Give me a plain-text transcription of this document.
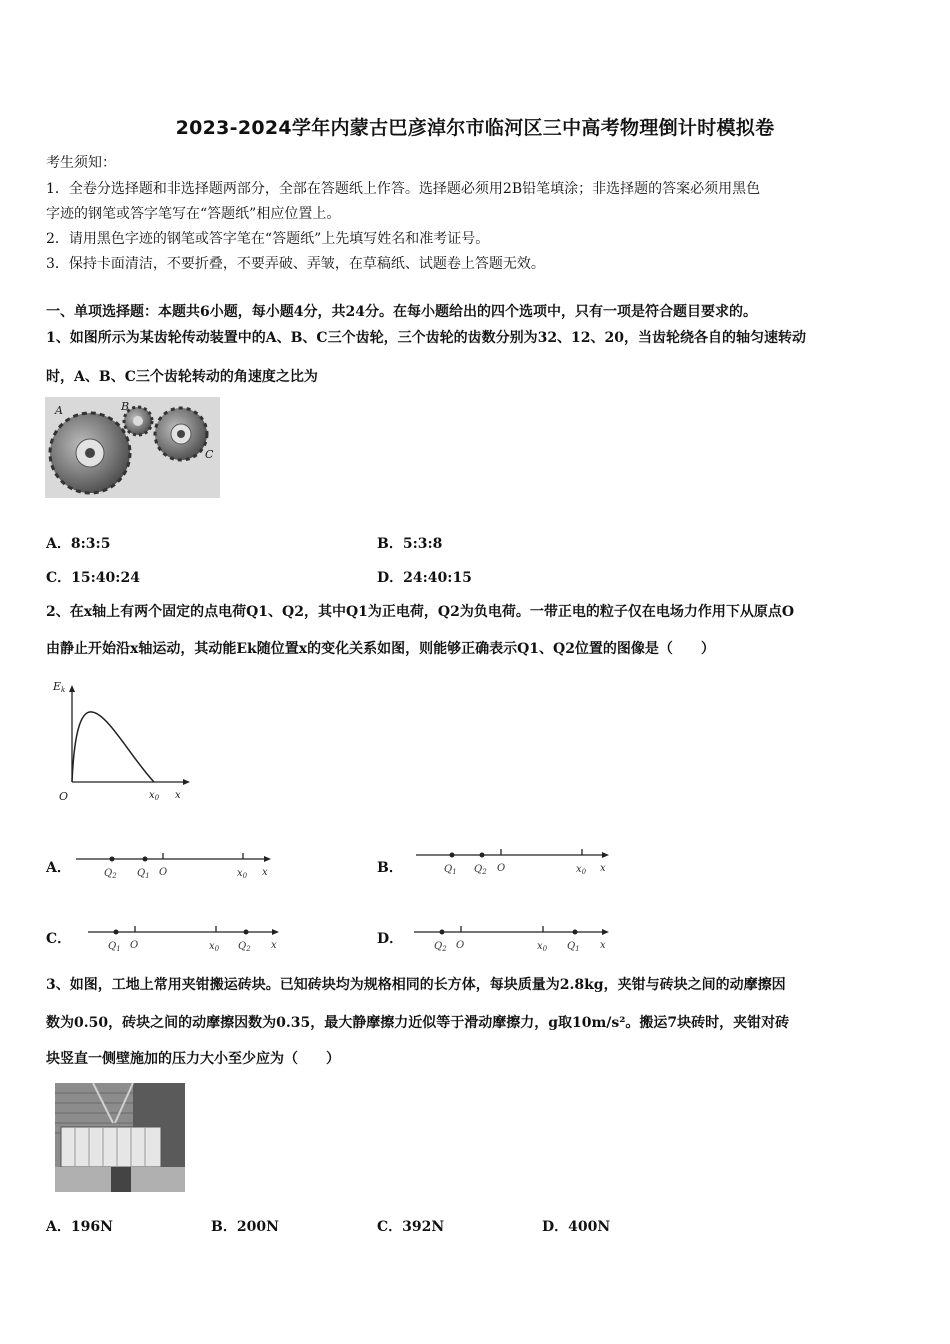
2023-2024学年内蒙古巴彦淖尔市临河区三中高考物理倒计时模拟卷
考生须知：
1．全卷分选择题和非选择题两部分，全部在答题纸上作答。选择题必须用2B铅笔填涂；非选择题的答案必须用黑色
字迹的钢笔或答字笔写在“答题纸”相应位置上。
2．请用黑色字迹的钢笔或答字笔在“答题纸”上先填写姓名和准考证号。
3．保持卡面清洁，不要折叠，不要弄破、弄皱，在草稿纸、试题卷上答题无效。
一、单项选择题：本题共6小题，每小题4分，共24分。在每小题给出的四个选项中，只有一项是符合题目要求的。
1、如图所示为某齿轮传动装置中的A、B、C三个齿轮，三个齿轮的齿数分别为32、12、20，当齿轮绕各自的轴匀速转动
时，A、B、C三个齿轮转动的角速度之比为
A	B
C
A．8:3:5	B．5:3:8
C．15:40:24	D．24:40:15
2、在x轴上有两个固定的点电荷Q1、Q2，其中Q1为正电荷，Q2为负电荷。一带正电的粒子仅在电场力作用下从原点O
由静止开始沿x轴运动，其动能Ek随位置x的变化关系如图，则能够正确表示Q1、Q2位置的图像是（　　）
Ek
O	$x_0$ x
A．	$Q_2$ $Q_1$ O	$x_0$ x	B．	$Q_1$ $Q_2$ O	$x_0$ x
C．	$Q_1$ O	$x_0$ $Q_2$ x	D．	$Q_2$ O	$x_0$ $Q_1$ x
3、如图，工地上常用夹钳搬运砖块。已知砖块均为规格相同的长方体，每块质量为2.8kg，夹钳与砖块之间的动摩擦因
数为0.50，砖块之间的动摩擦因数为0.35，最大静摩擦力近似等于滑动摩擦力，g取10m/s²。搬运7块砖时，夹钳对砖
块竖直一侧壁施加的压力大小至少应为（　　）
A．196N	B．200N	C．392N	D．400N
